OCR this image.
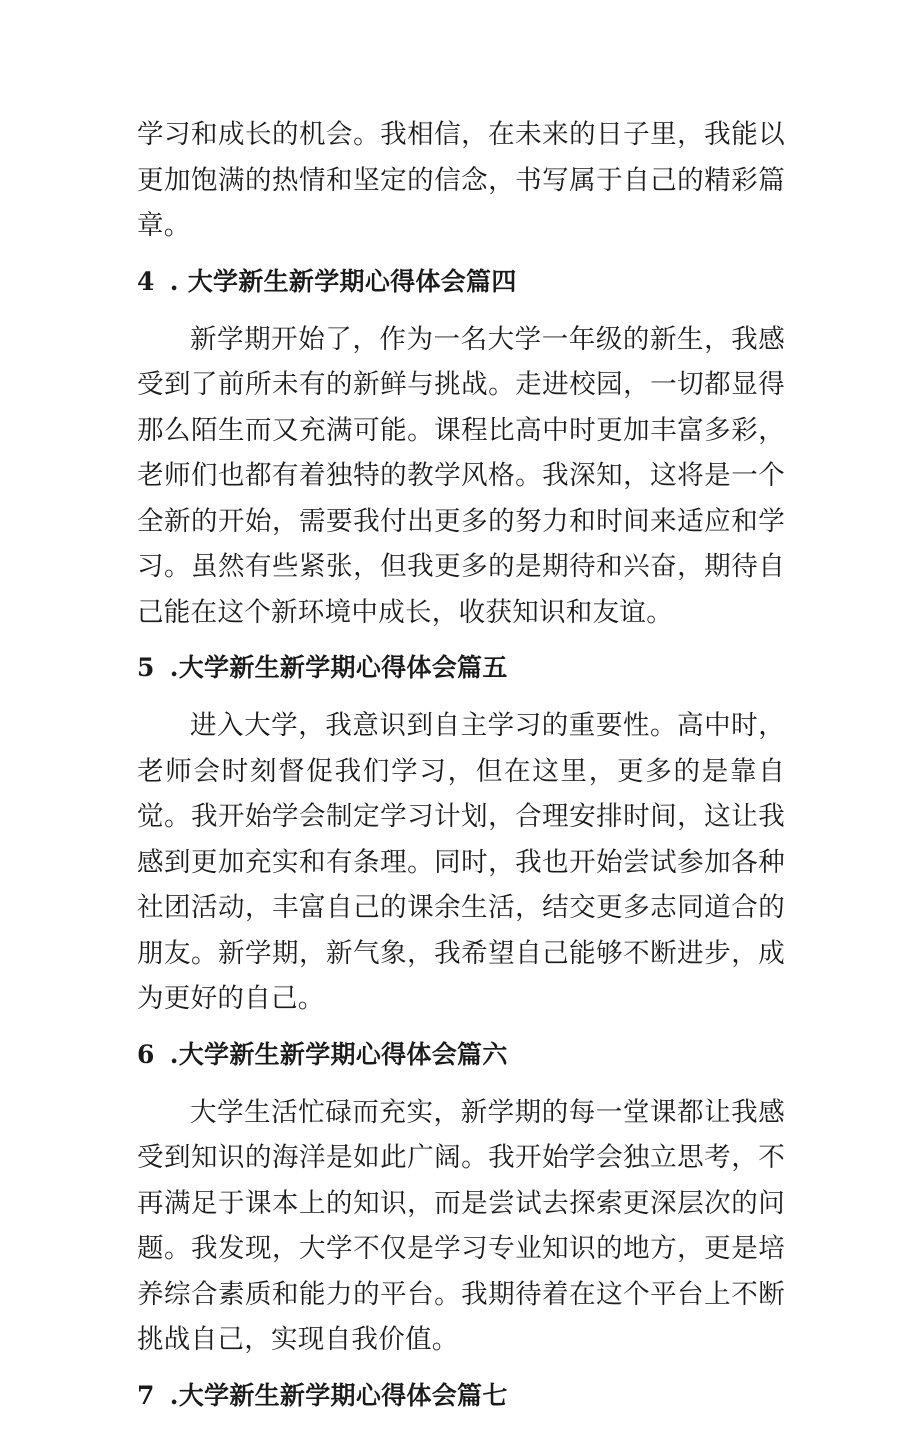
学习和成长的机会。我相信，在未来的日子里，我能以更加饱满的热情和坚定的信念，书写属于自己的精彩篇章。

4 . 大学新生新学期心得体会篇四

新学期开始了，作为一名大学一年级的新生，我感受到了前所未有的新鲜与挑战。走进校园，一切都显得那么陌生而又充满可能。课程比高中时更加丰富多彩，老师们也都有着独特的教学风格。我深知，这将是一个全新的开始，需要我付出更多的努力和时间来适应和学习。虽然有些紧张，但我更多的是期待和兴奋，期待自己能在这个新环境中成长，收获知识和友谊。

5 .大学新生新学期心得体会篇五

进入大学，我意识到自主学习的重要性。高中时，老师会时刻督促我们学习，但在这里，更多的是靠自觉。我开始学会制定学习计划，合理安排时间，这让我感到更加充实和有条理。同时，我也开始尝试参加各种社团活动，丰富自己的课余生活，结交更多志同道合的朋友。新学期，新气象，我希望自己能够不断进步，成为更好的自己。

6 .大学新生新学期心得体会篇六

大学生活忙碌而充实，新学期的每一堂课都让我感受到知识的海洋是如此广阔。我开始学会独立思考，不再满足于课本上的知识，而是尝试去探索更深层次的问题。我发现，大学不仅是学习专业知识的地方，更是培养综合素质和能力的平台。我期待着在这个平台上不断挑战自己，实现自我价值。

7 .大学新生新学期心得体会篇七
